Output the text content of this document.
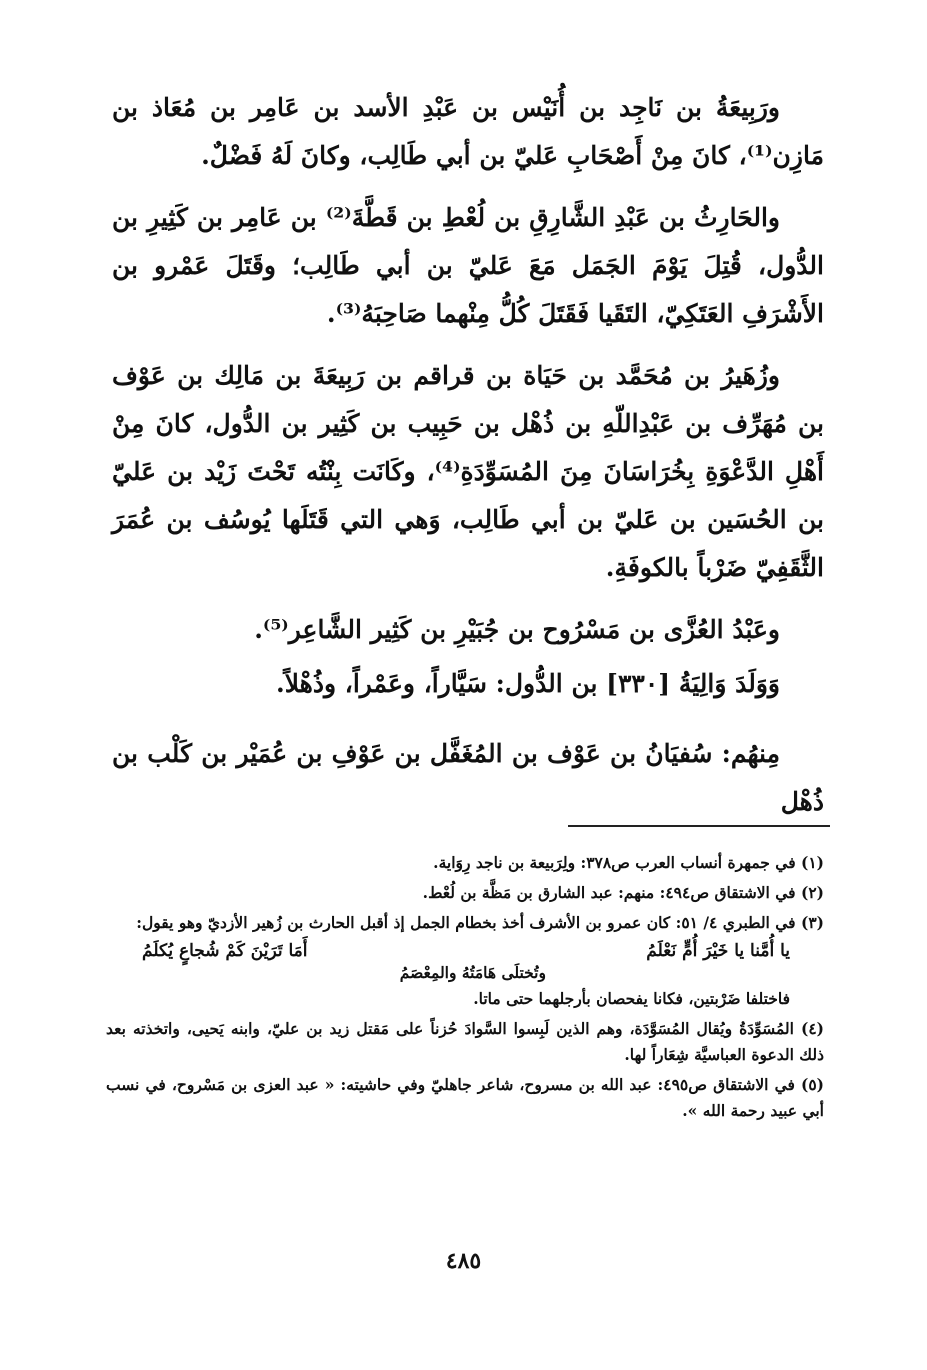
ورَبِيعَةُ بن نَاجِد بن أُنَيْس بن عَبْدِ الأسد بن عَامِر بن مُعَاذ بن مَازِن⁽¹⁾، كانَ مِنْ أَصْحَابِ عَليّ بن أبي طَالِب، وكانَ لَهُ فَضْلٌ.

والحَارِثُ بن عَبْدِ الشَّارِقِ بن لُعْطِ بن قَطَّةَ⁽²⁾ بن عَامِر بن كَثِيرِ بن الدُّول، قُتِلَ يَوْمَ الجَمَل مَعَ عَليّ بن أبي طَالِب؛ وقَتَلَ عَمْرو بن الأَشْرَفِ العَتَكِيّ، التَقَيا فَقَتَلَ كُلُّ مِنْهما صَاحِبَهُ⁽³⁾.

وزُهَيرُ بن مُحَمَّد بن حَيَاة بن قراقم بن رَبِيعَةَ بن مَالِك بن عَوْف بن مُهَرِّف بن عَبْدِاللّهِ بن ذُهْل بن حَبِيب بن كَثِير بن الدُّول، كانَ مِنْ أَهْلِ الدَّعْوَةِ بِخُرَاسَانَ مِنَ المُسَوِّدَةِ⁽⁴⁾، وكَانَت بِنْتُه تَحْتَ زَيْد بن عَليّ بن الحُسَين بن عَليّ بن أبي طَالِب، وَهي التي قَتَلَها يُوسُف بن عُمَرَ الثَّقَفِيّ ضَرْباً بالكوفَةِ.

وعَبْدُ العُزَّى بن مَسْرُوح بن جُبَيْرِ بن كَثِير الشَّاعِر⁽⁵⁾.

وَوَلَدَ وَالِيَةُ [٣٣٠] بن الدُّول: سَيَّاراً، وعَمْراً، وذُهْلاً.

مِنهُم: سُفيَانُ بن عَوْف بن المُغَفَّل بن عَوْفِ بن عُمَيْر بن كَلْب بن ذُهْل

(١) في جمهرة أنساب العرب ص٣٧٨: ولِرَبيعة بن ناجد رِوَاية.

(٢) في الاشتقاق ص٤٩٤: منهم: عبد الشارق بن مَظَّة بن لُعْط.

(٣) في الطبري ٤/ ٥١: كان عمرو بن الأشرف أخذ بخطام الجمل إذ أقبل الحارث بن زُهير الأزديّ وهو يقول:
يا أُمَّنا يا خَيْرَ أُمٍّ نَعْلَمُ
أَمَا تَرَيْنَ كَمْ شُجاعٍ يُكلَمُ
وتُختلَى هَامَتُهُ والمِعْصَمُ
فاختلفا ضَرْبتين، فكانا يفحصان بأرجلهما حتى ماتا.

(٤) المُسَوِّدَةُ ويُقال المُسَوَّدَة، وهم الذين لَبِسوا السَّوادَ حُزناً على مَقتل زيد بن عليّ، وابنه يَحيى، واتخذته بعد ذلك الدعوة العباسيَّة شِعَاراً لها.

(٥) في الاشتقاق ص٤٩٥: عبد الله بن مسروح، شاعر جاهليّ وفي حاشيته: « عبد العزى بن مَسْروح، في نسب أبي عبيد رحمة الله ».

٤٨٥
